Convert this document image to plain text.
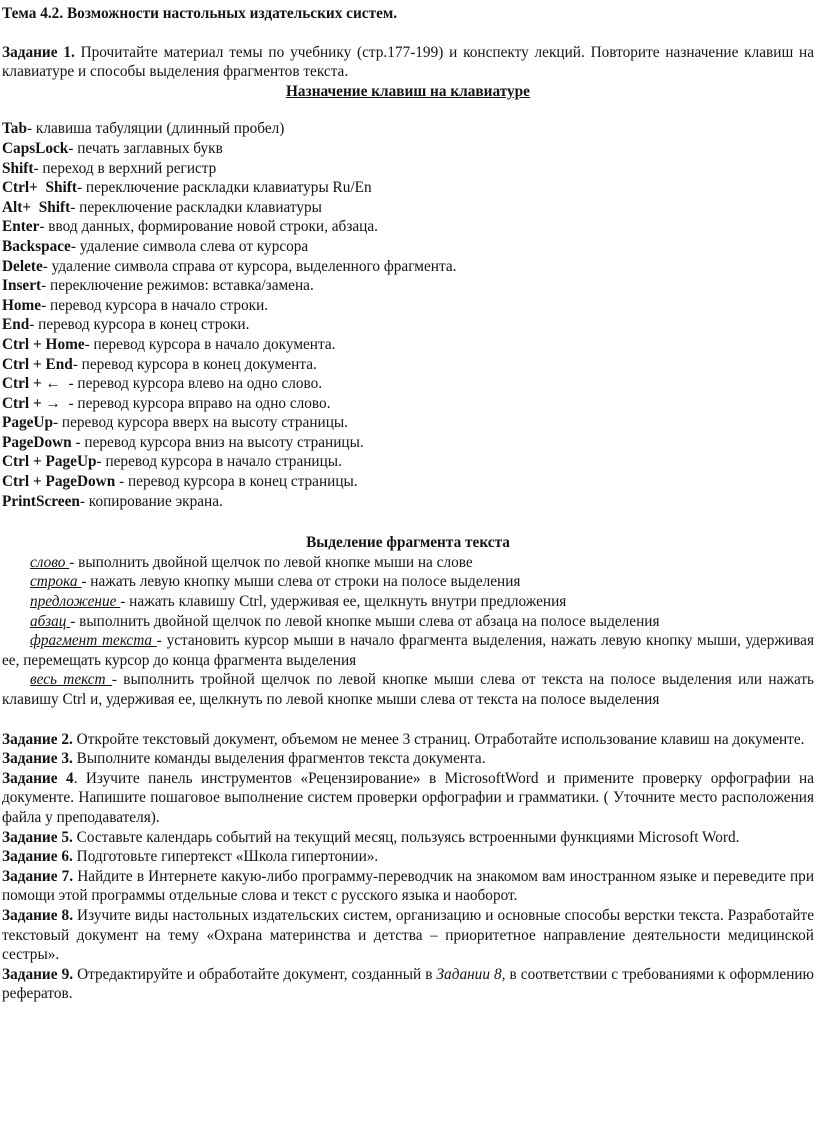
Тема 4.2. Возможности настольных издательских систем.

Задание 1. Прочитайте материал темы по учебнику (стр.177-199) и конспекту лекций. Повторите назначение клавиш на клавиатуре и способы выделения фрагментов текста.

Назначение клавиш на клавиатуре

Tab- клавиша табуляции (длинный пробел)

CapsLock- печать заглавных букв

Shift- переход в верхний регистр

Ctrl+  Shift- переключение раскладки клавиатуры Ru/En

Alt+  Shift- переключение раскладки клавиатуры

Enter- ввод данных, формирование новой строки, абзаца.

Backspace- удаление символа слева от курсора

Delete- удаление символа справа от курсора, выделенного фрагмента.

Insert- переключение режимов: вставка/замена.

Home- перевод курсора в начало строки.

End- перевод курсора в конец строки.

Ctrl + Home- перевод курсора в начало документа.

Ctrl + End- перевод курсора в конец документа.

Ctrl + ←  - перевод курсора влево на одно слово.

Ctrl + →  - перевод курсора вправо на одно слово.

PageUp- перевод курсора вверх на высоту страницы.

PageDown - перевод курсора вниз на высоту страницы.

Ctrl + PageUp- перевод курсора в начало страницы.

Ctrl + PageDown - перевод курсора в конец страницы.

PrintScreen- копирование экрана.

Выделение фрагмента текста

слово - выполнить двойной щелчок по левой кнопке мыши на слове

строка - нажать левую кнопку мыши слева от строки на полосе выделения

предложение - нажать клавишу Ctrl, удерживая ее, щелкнуть внутри предложения

абзац - выполнить двойной щелчок по левой кнопке мыши слева от абзаца на полосе выделения

фрагмент текста - установить курсор мыши в начало фрагмента выделения, нажать левую кнопку мыши, удерживая ее, перемещать курсор до конца фрагмента выделения

весь текст - выполнить тройной щелчок по левой кнопке мыши слева от текста на полосе выделения или нажать клавишу Ctrl и, удерживая ее, щелкнуть по левой кнопке мыши слева от текста на полосе выделения

Задание 2. Откройте текстовый документ, объемом не менее 3 страниц. Отработайте использование клавиш на документе.

Задание 3. Выполните команды выделения фрагментов текста документа.

Задание 4. Изучите панель инструментов «Рецензирование» в MicrosoftWord и примените проверку орфографии на документе. Напишите пошаговое выполнение систем проверки орфографии и грамматики. ( Уточните место расположения файла у преподавателя).

Задание 5. Составьте календарь событий на текущий месяц, пользуясь встроенными функциями Microsoft Word.

Задание 6. Подготовьте гипертекст «Школа гипертонии».

Задание 7. Найдите в Интернете какую-либо программу-переводчик на знакомом вам иностранном языке и переведите при помощи этой программы отдельные слова и текст с русского языка и наоборот.

Задание 8. Изучите виды настольных издательских систем, организацию и основные способы верстки текста. Разработайте текстовый документ на тему «Охрана материнства и детства – приоритетное направление деятельности медицинской сестры».

Задание 9. Отредактируйте и обработайте документ, созданный в Задании 8, в соответствии с требованиями к оформлению рефератов.
